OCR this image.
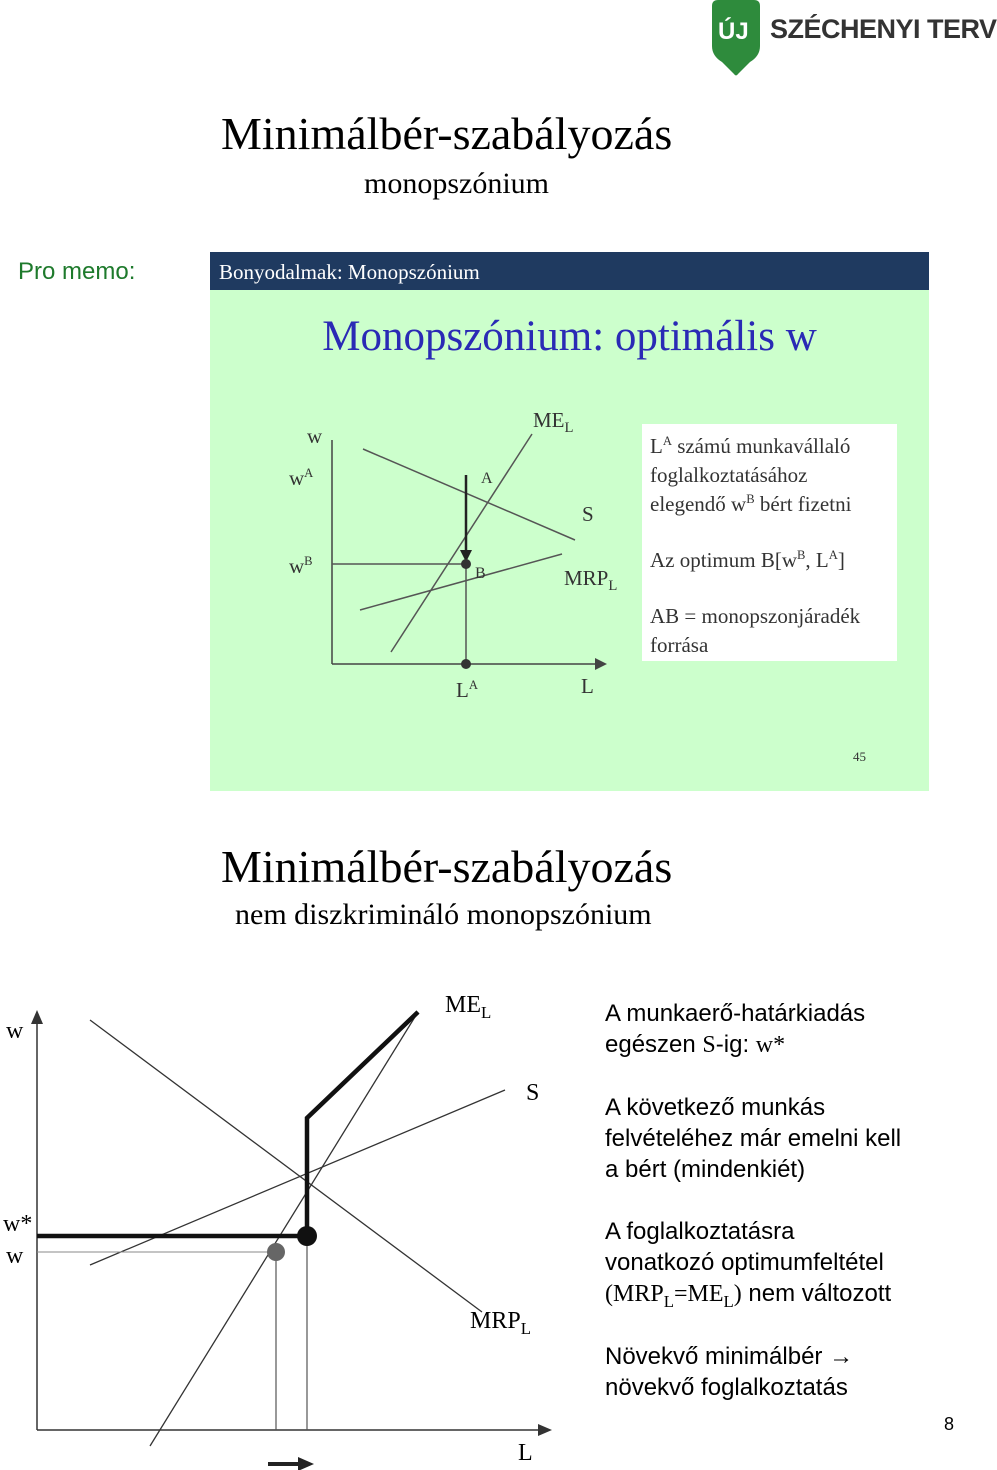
ÚJ SZÉCHENYI TERV
Minimálbér-szabályozás
monopszónium
Pro memo:	Bonyodalmak: Monopszónium
Monopszónium: optimális w
w
$w^A$
$w^B$
$ME_L$
S
$MRP_L$
A
B
$L^A$	L
$L^A$ számú munkavállaló
foglalkoztatásához
elegendő $w^B$ bért fizetni
Az optimum $B[w^B$, $L^A$]
AB = monopszonjáradék
forrása
45
Minimálbér-szabályozás
nem diszkrimináló monopszónium
w
$ME_L$
S
w*
w
$MRP_L$
L
A munkaerő-határkiadás
egészen S-ig: w*
A következő munkás
felvételéhez már emelni kell
a bért (mindenkiét)
A foglalkoztatásra
vonatkozó optimumfeltétel
$(MRP_L=ME_L)$ nem változott
Növekvő minimálbér →
növekvő foglalkoztatás
8
